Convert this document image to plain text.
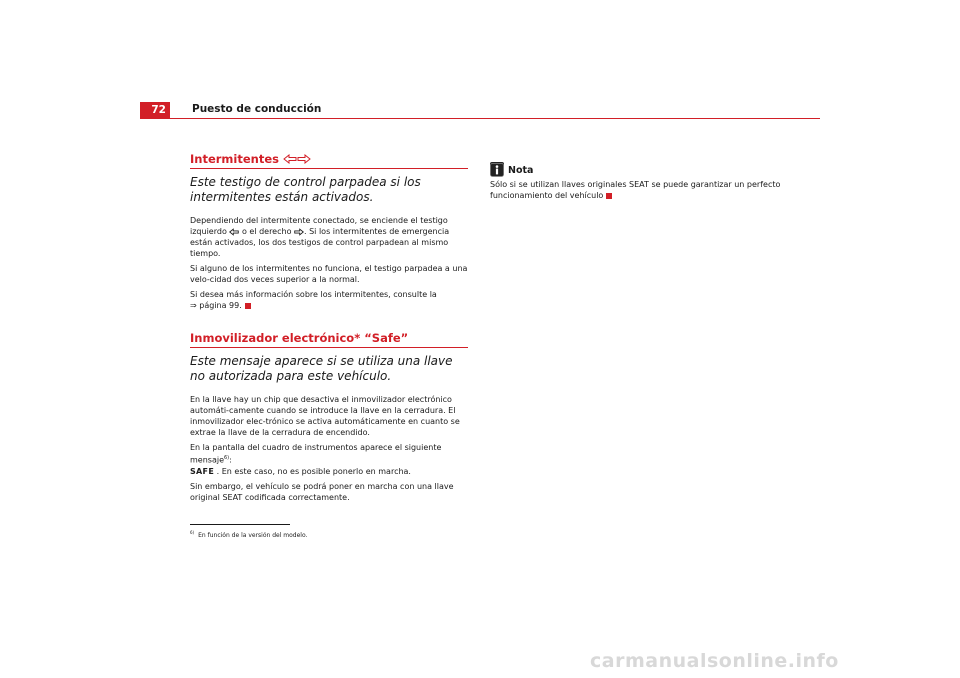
72	Puesto de conducción
Intermitentes
Este testigo de control parpadea si los intermitentes están activados.

Dependiendo del intermitente conectado, se enciende el testigo izquierdo o el derecho . Si los intermitentes de emergencia están activados, los dos testigos de control parpadean al mismo tiempo.

Si alguno de los intermitentes no funciona, el testigo parpadea a una velo-cidad dos veces superior a la normal.

Si desea más información sobre los intermitentes, consulte la
⇒ página 99.

Inmovilizador electrónico* “Safe”
Este mensaje aparece si se utiliza una llave no autorizada para este vehículo.

En la llave hay un chip que desactiva el inmovilizador electrónico automáti-camente cuando se introduce la llave en la cerradura. El inmovilizador elec-trónico se activa automáticamente en cuanto se extrae la llave de la cerradura de encendido.

En la pantalla del cuadro de instrumentos aparece el siguiente mensaje$^{6)}$:
SAFE . En este caso, no es posible ponerlo en marcha.

Sin embargo, el vehículo se podrá poner en marcha con una llave original SEAT codificada correctamente.

$^{6)}$ En función de la versión del modelo.
Nota

Sólo si se utilizan llaves originales SEAT se puede garantizar un perfecto funcionamiento del vehículo

carmanualsonline.info
